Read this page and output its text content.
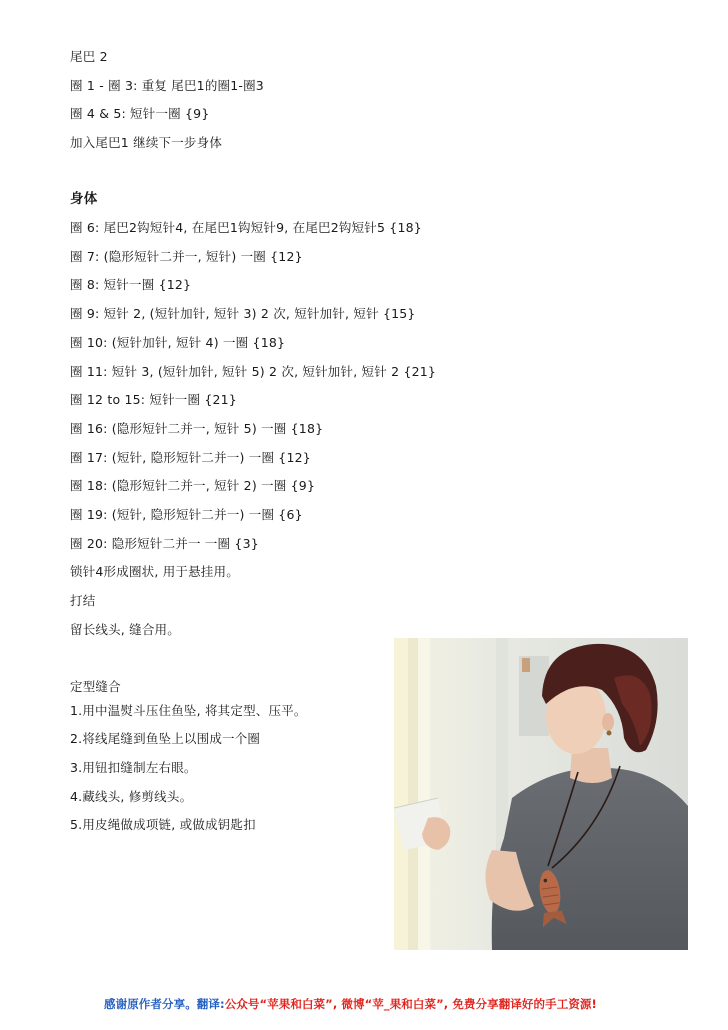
尾巴 2
圈 1 - 圈 3: 重复 尾巴1的圈1-圈3
圈 4 & 5: 短针一圈 {9}
加入尾巴1 继续下一步身体
身体
圈 6: 尾巴2钩短针4, 在尾巴1钩短针9, 在尾巴2钩短针5 {18}
圈 7: (隐形短针二并一, 短针) 一圈 {12}
圈 8: 短针一圈 {12}
圈 9: 短针 2, (短针加针, 短针 3) 2 次, 短针加针, 短针 {15}
圈 10: (短针加针, 短针 4) 一圈 {18}
圈 11: 短针 3, (短针加针, 短针 5) 2 次, 短针加针, 短针 2 {21}
圈 12 to 15: 短针一圈 {21}
圈 16: (隐形短针二并一, 短针 5) 一圈 {18}
圈 17: (短针, 隐形短针二并一) 一圈 {12}
圈 18: (隐形短针二并一, 短针 2) 一圈 {9}
圈 19: (短针, 隐形短针二并一) 一圈 {6}
圈 20: 隐形短针二并一 一圈 {3}
锁针4形成圈状, 用于悬挂用。
打结
留长线头, 缝合用。
定型缝合
1.用中温熨斗压住鱼坠, 将其定型、压平。
2.将线尾缝到鱼坠上以围成一个圈
3.用钮扣缝制左右眼。
4.藏线头, 修剪线头。
5.用皮绳做成项链, 或做成钥匙扣
感谢原作者分享。翻译:公众号“苹果和白菜”, 微博“苹_果和白菜”, 免费分享翻译好的手工资源!
